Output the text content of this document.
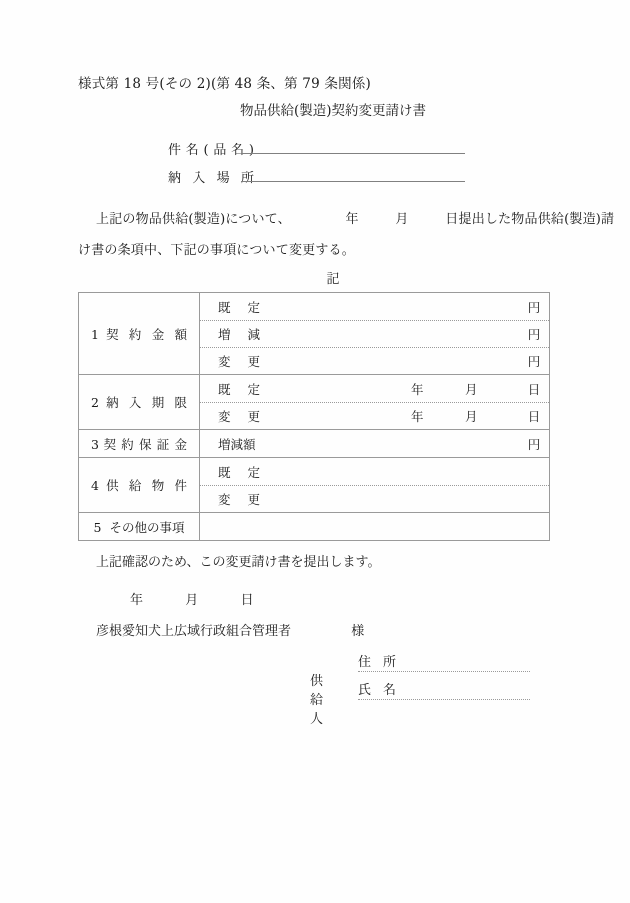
様式第 18 号(その 2)(第 48 条、第 79 条関係)
物品供給(製造)契約変更請け書
件名(品名)
納 入 場 所
上記の物品供給(製造)について、	年	月	日提出した物品供給(製造)請
け書の条項中、下記の事項について変更する。
記
1 契 約 金 額	
既 定	円
増 減	円
変 更	円

2 納 入 期 限	
既 定	年	月	日
変 更	年	月	日

3 契 約 保 証 金	増減額 円

4 供 給 物 件	既 定
変 更

5 その他の事項	
上記確認のため、この変更請け書を提出します。
年	月	日
彦根愛知犬上広域行政組合管理者	様
供給人
住 所
氏 名
